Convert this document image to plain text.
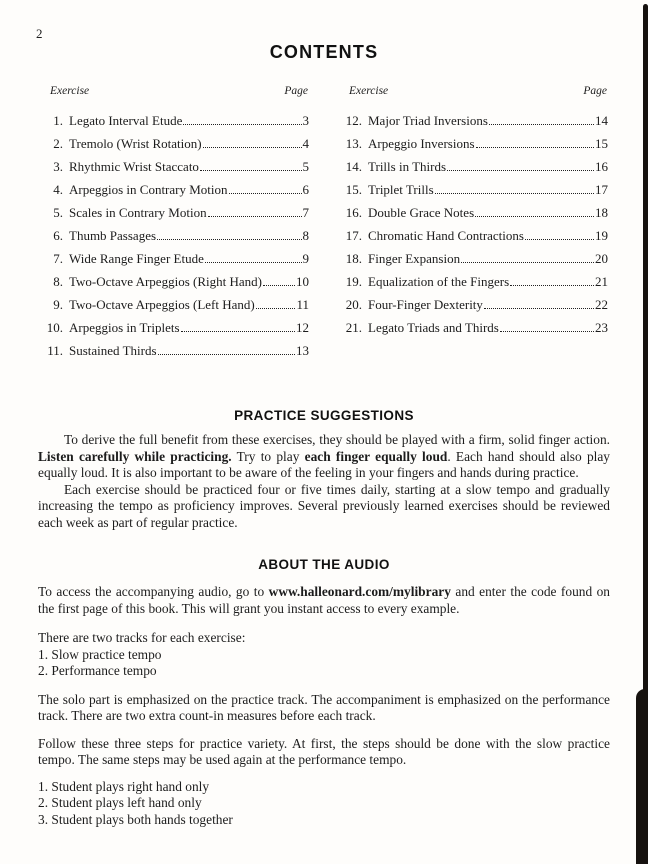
2
CONTENTS
Exercise	Page
1. Legato Interval Etude	3
2. Tremolo (Wrist Rotation)	4
3. Rhythmic Wrist Staccato	5
4. Arpeggios in Contrary Motion	6
5. Scales in Contrary Motion	7
6. Thumb Passages	8
7. Wide Range Finger Etude	9
8. Two-Octave Arpeggios (Right Hand)	10
9. Two-Octave Arpeggios (Left Hand)	11
10. Arpeggios in Triplets	12
11. Sustained Thirds	13
Exercise	Page
12. Major Triad Inversions	14
13. Arpeggio Inversions	15
14. Trills in Thirds	16
15. Triplet Trills	17
16. Double Grace Notes	18
17. Chromatic Hand Contractions	19
18. Finger Expansion	20
19. Equalization of the Fingers	21
20. Four-Finger Dexterity	22
21. Legato Triads and Thirds	23
PRACTICE SUGGESTIONS

To derive the full benefit from these exercises, they should be played with a firm, solid finger action. Listen carefully while practicing. Try to play each finger equally loud. Each hand should also play equally loud. It is also important to be aware of the feeling in your fingers and hands during practice.

Each exercise should be practiced four or five times daily, starting at a slow tempo and gradually increasing the tempo as proficiency improves. Several previously learned exercises should be reviewed each week as part of regular practice.

ABOUT THE AUDIO

To access the accompanying audio, go to www.halleonard.com/mylibrary and enter the code found on the first page of this book. This will grant you instant access to every example.

There are two tracks for each exercise:

1. Slow practice tempo
2. Performance tempo

The solo part is emphasized on the practice track. The accompaniment is emphasized on the performance track. There are two extra count-in measures before each track.

Follow these three steps for practice variety. At first, the steps should be done with the slow practice tempo. The same steps may be used again at the performance tempo.

1. Student plays right hand only
2. Student plays left hand only
3. Student plays both hands together
